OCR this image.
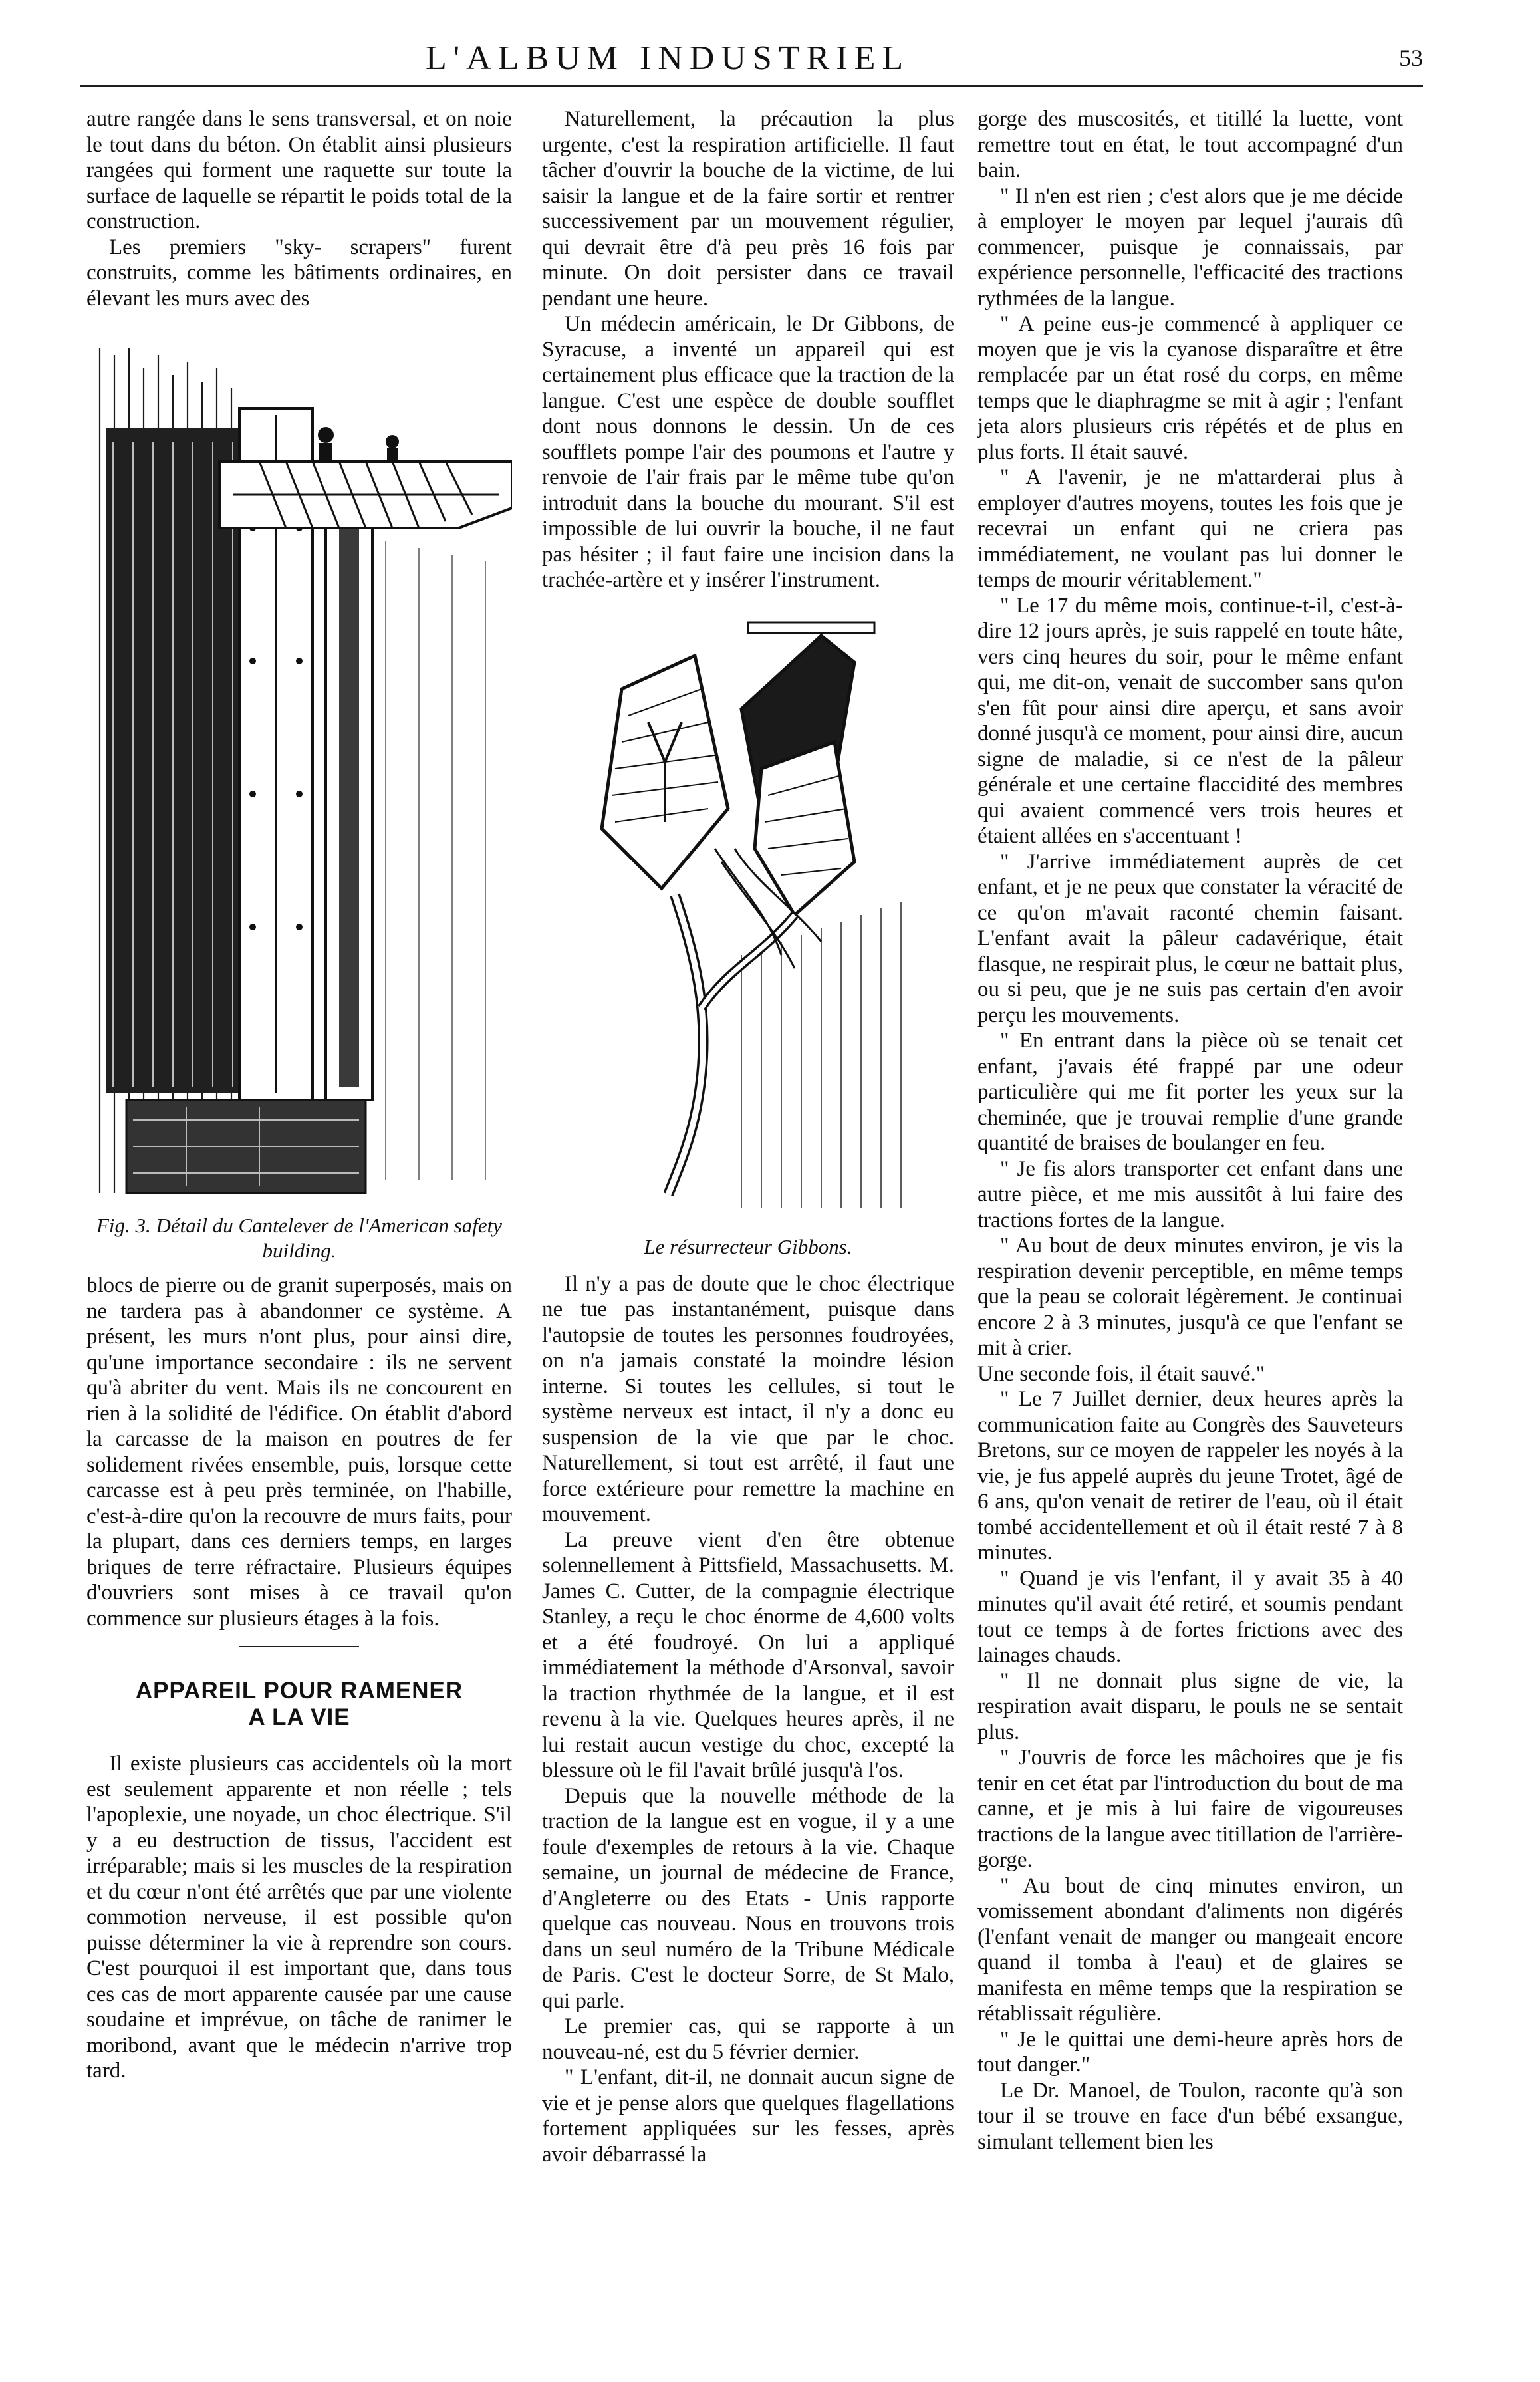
L'ALBUM INDUSTRIEL	53

autre rangée dans le sens transversal, et on noie le tout dans du béton. On établit ainsi plusieurs rangées qui forment une raquette sur toute la surface de laquelle se répartit le poids total de la construction.

Les premiers "sky- scrapers" furent construits, comme les bâtiments ordinaires, en élevant les murs avec des

Fig. 3. Détail du Cantelever de l'American safety building.

blocs de pierre ou de granit superposés, mais on ne tardera pas à abandonner ce système. A présent, les murs n'ont plus, pour ainsi dire, qu'une importance secondaire : ils ne servent qu'à abriter du vent. Mais ils ne concourent en rien à la solidité de l'édifice. On établit d'abord la carcasse de la maison en poutres de fer solidement rivées ensemble, puis, lorsque cette carcasse est à peu près terminée, on l'habille, c'est-à-dire qu'on la recouvre de murs faits, pour la plupart, dans ces derniers temps, en larges briques de terre réfractaire. Plusieurs équipes d'ouvriers sont mises à ce travail qu'on commence sur plusieurs étages à la fois.

APPAREIL POUR RAMENER
A LA VIE

Il existe plusieurs cas accidentels où la mort est seulement apparente et non réelle ; tels l'apoplexie, une noyade, un choc électrique. S'il y a eu destruction de tissus, l'accident est irréparable; mais si les muscles de la respiration et du cœur n'ont été arrêtés que par une violente commotion nerveuse, il est possible qu'on puisse déterminer la vie à reprendre son cours. C'est pourquoi il est important que, dans tous ces cas de mort apparente causée par une cause soudaine et imprévue, on tâche de ranimer le moribond, avant que le médecin n'arrive trop tard.

Naturellement, la précaution la plus urgente, c'est la respiration artificielle. Il faut tâcher d'ouvrir la bouche de la victime, de lui saisir la langue et de la faire sortir et rentrer successivement par un mouvement régulier, qui devrait être d'à peu près 16 fois par minute. On doit persister dans ce travail pendant une heure.

Un médecin américain, le Dr Gibbons, de Syracuse, a inventé un appareil qui est certainement plus efficace que la traction de la langue. C'est une espèce de double soufflet dont nous donnons le dessin. Un de ces soufflets pompe l'air des poumons et l'autre y renvoie de l'air frais par le même tube qu'on introduit dans la bouche du mourant. S'il est impossible de lui ouvrir la bouche, il ne faut pas hésiter ; il faut faire une incision dans la trachée-artère et y insérer l'instrument.

Le résurrecteur Gibbons.

Il n'y a pas de doute que le choc électrique ne tue pas instantanément, puisque dans l'autopsie de toutes les personnes foudroyées, on n'a jamais constaté la moindre lésion interne. Si toutes les cellules, si tout le système nerveux est intact, il n'y a donc eu suspension de la vie que par le choc. Naturellement, si tout est arrêté, il faut une force extérieure pour remettre la machine en mouvement.

La preuve vient d'en être obtenue solennellement à Pittsfield, Massachusetts. M. James C. Cutter, de la compagnie électrique Stanley, a reçu le choc énorme de 4,600 volts et a été foudroyé. On lui a appliqué immédiatement la méthode d'Arsonval, savoir la traction rhythmée de la langue, et il est revenu à la vie. Quelques heures après, il ne lui restait aucun vestige du choc, excepté la blessure où le fil l'avait brûlé jusqu'à l'os.

Depuis que la nouvelle méthode de la traction de la langue est en vogue, il y a une foule d'exemples de retours à la vie. Chaque semaine, un journal de médecine de France, d'Angleterre ou des Etats - Unis rapporte quelque cas nouveau. Nous en trouvons trois dans un seul numéro de la Tribune Médicale de Paris. C'est le docteur Sorre, de St Malo, qui parle.

Le premier cas, qui se rapporte à un nouveau-né, est du 5 février dernier.

" L'enfant, dit-il, ne donnait aucun signe de vie et je pense alors que quelques flagellations fortement appliquées sur les fesses, après avoir débarrassé la

gorge des muscosités, et titillé la luette, vont remettre tout en état, le tout accompagné d'un bain.

" Il n'en est rien ; c'est alors que je me décide à employer le moyen par lequel j'aurais dû commencer, puisque je connaissais, par expérience personnelle, l'efficacité des tractions rythmées de la langue.

" A peine eus-je commencé à appliquer ce moyen que je vis la cyanose disparaître et être remplacée par un état rosé du corps, en même temps que le diaphragme se mit à agir ; l'enfant jeta alors plusieurs cris répétés et de plus en plus forts. Il était sauvé.

" A l'avenir, je ne m'attarderai plus à employer d'autres moyens, toutes les fois que je recevrai un enfant qui ne criera pas immédiatement, ne voulant pas lui donner le temps de mourir véritablement."

" Le 17 du même mois, continue-t-il, c'est-à-dire 12 jours après, je suis rappelé en toute hâte, vers cinq heures du soir, pour le même enfant qui, me dit-on, venait de succomber sans qu'on s'en fût pour ainsi dire aperçu, et sans avoir donné jusqu'à ce moment, pour ainsi dire, aucun signe de maladie, si ce n'est de la pâleur générale et une certaine flaccidité des membres qui avaient commencé vers trois heures et étaient allées en s'accentuant !

" J'arrive immédiatement auprès de cet enfant, et je ne peux que constater la véracité de ce qu'on m'avait raconté chemin faisant. L'enfant avait la pâleur cadavérique, était flasque, ne respirait plus, le cœur ne battait plus, ou si peu, que je ne suis pas certain d'en avoir perçu les mouvements.

" En entrant dans la pièce où se tenait cet enfant, j'avais été frappé par une odeur particulière qui me fit porter les yeux sur la cheminée, que je trouvai remplie d'une grande quantité de braises de boulanger en feu.

" Je fis alors transporter cet enfant dans une autre pièce, et me mis aussitôt à lui faire des tractions fortes de la langue.

" Au bout de deux minutes environ, je vis la respiration devenir perceptible, en même temps que la peau se colorait légèrement. Je continuai encore 2 à 3 minutes, jusqu'à ce que l'enfant se mit à crier.

Une seconde fois, il était sauvé."

" Le 7 Juillet dernier, deux heures après la communication faite au Congrès des Sauveteurs Bretons, sur ce moyen de rappeler les noyés à la vie, je fus appelé auprès du jeune Trotet, âgé de 6 ans, qu'on venait de retirer de l'eau, où il était tombé accidentellement et où il était resté 7 à 8 minutes.

" Quand je vis l'enfant, il y avait 35 à 40 minutes qu'il avait été retiré, et soumis pendant tout ce temps à de fortes frictions avec des lainages chauds.

" Il ne donnait plus signe de vie, la respiration avait disparu, le pouls ne se sentait plus.

" J'ouvris de force les mâchoires que je fis tenir en cet état par l'introduction du bout de ma canne, et je mis à lui faire de vigoureuses tractions de la langue avec titillation de l'arrière-gorge.

" Au bout de cinq minutes environ, un vomissement abondant d'aliments non digérés (l'enfant venait de manger ou mangeait encore quand il tomba à l'eau) et de glaires se manifesta en même temps que la respiration se rétablissait régulière.

" Je le quittai une demi-heure après hors de tout danger."

Le Dr. Manoel, de Toulon, raconte qu'à son tour il se trouve en face d'un bébé exsangue, simulant tellement bien les
